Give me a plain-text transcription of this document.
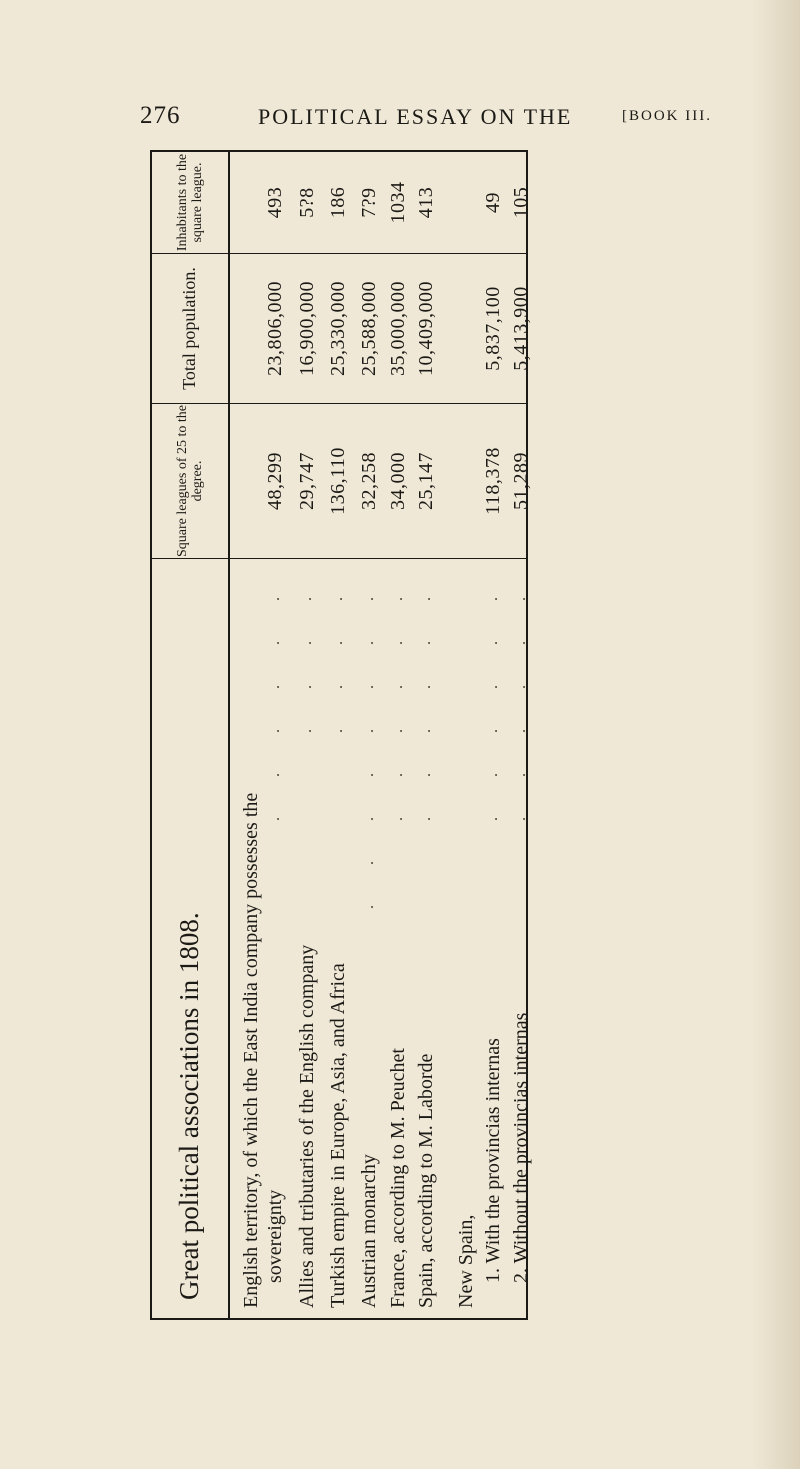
276	POLITICAL ESSAY ON THE	[BOOK III.
Great political associations in 1808.
Square leagues of 25 to the degree.
Total population.
Inhabitants to the square league.
English territory, of which the East India company possesses the sovereignty
. . . . . .
Allies and tributaries of the English company
. . . .
Turkish empire in Europe, Asia, and Africa
. . . .
Austrian monarchy
. . . . . . . .
France, according to M. Peuchet
. . . . . .
Spain, according to M. Laborde
. . . . . .
New Spain, 1. With the provincias internas
. . . . . .
2. Without the provincias internas
. . . . . .
48,299 29,747 136,110 32,258 34,000 25,147 118,378 51,289
23,806,000 16,900,000 25,330,000 25,588,000 35,000,000 10,409,000 5,837,100 5,413,900
493 5?8 186 7?9 1034 413 49 105
